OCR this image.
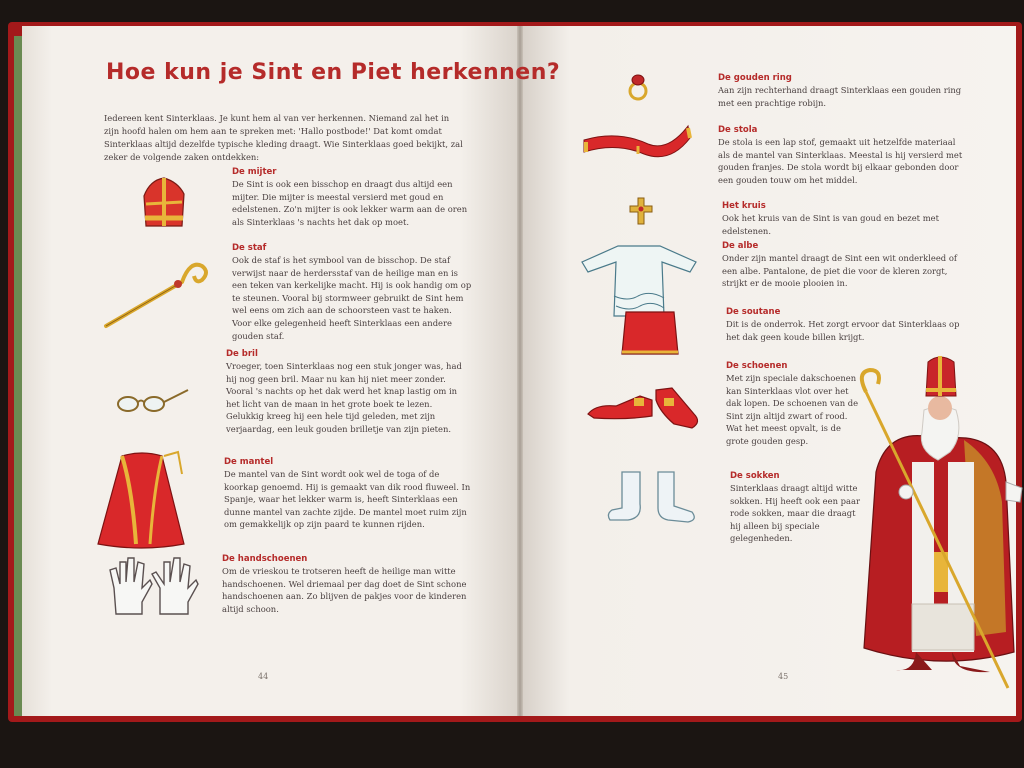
Hoe kun je Sint en Piet herkennen?

Iedereen kent Sinterklaas. Je kunt hem al van ver herkennen. Niemand zal het in zijn hoofd halen om hem aan te spreken met: 'Hallo postbode!' Dat komt omdat Sinterklaas altijd dezelfde typische kleding draagt. Wie Sinterklaas goed bekijkt, zal zeker de volgende zaken ontdekken:

De mijter

De Sint is ook een bisschop en draagt dus altijd een mijter. Die mijter is meestal versierd met goud en edelstenen. Zo'n mijter is ook lekker warm aan de oren als Sinterklaas 's nachts het dak op moet.

De staf

Ook de staf is het symbool van de bisschop. De staf verwijst naar de herdersstaf van de heilige man en is een teken van kerkelijke macht. Hij is ook handig om op te steunen. Vooral bij stormweer gebruikt de Sint hem wel eens om zich aan de schoorsteen vast te haken. Voor elke gelegenheid heeft Sinterklaas een andere gouden staf.

De bril

Vroeger, toen Sinterklaas nog een stuk jonger was, had hij nog geen bril. Maar nu kan hij niet meer zonder. Vooral 's nachts op het dak werd het knap lastig om in het licht van de maan in het grote boek te lezen. Gelukkig kreeg hij een hele tijd geleden, met zijn verjaardag, een leuk gouden brilletje van zijn pieten.

De mantel

De mantel van de Sint wordt ook wel de toga of de koorkap genoemd. Hij is gemaakt van dik rood fluweel. In Spanje, waar het lekker warm is, heeft Sinterklaas een dunne mantel van zachte zijde. De mantel moet ruim zijn om gemakkelijk op zijn paard te kunnen rijden.

De handschoenen

Om de vrieskou te trotseren heeft de heilige man witte handschoenen. Wel driemaal per dag doet de Sint schone handschoenen aan. Zo blijven de pakjes voor de kinderen altijd schoon.

44
De gouden ring

Aan zijn rechterhand draagt Sinterklaas een gouden ring met een prachtige robijn.

De stola

De stola is een lap stof, gemaakt uit hetzelfde materiaal als de mantel van Sinterklaas. Meestal is hij versierd met gouden franjes. De stola wordt bij elkaar gebonden door een gouden touw om het middel.

Het kruis

Ook het kruis van de Sint is van goud en bezet met edelstenen.

De albe

Onder zijn mantel draagt de Sint een wit onderkleed of een albe. Pantalone, de piet die voor de kleren zorgt, strijkt er de mooie plooien in.

De soutane

Dit is de onderrok. Het zorgt ervoor dat Sinterklaas op het dak geen koude billen krijgt.

De schoenen

Met zijn speciale dakschoenen kan Sinterklaas vlot over het dak lopen. De schoenen van de Sint zijn altijd zwart of rood. Wat het meest opvalt, is de grote gouden gesp.

De sokken

Sinterklaas draagt altijd witte sokken. Hij heeft ook een paar rode sokken, maar die draagt hij alleen bij speciale gelegenheden.

45
